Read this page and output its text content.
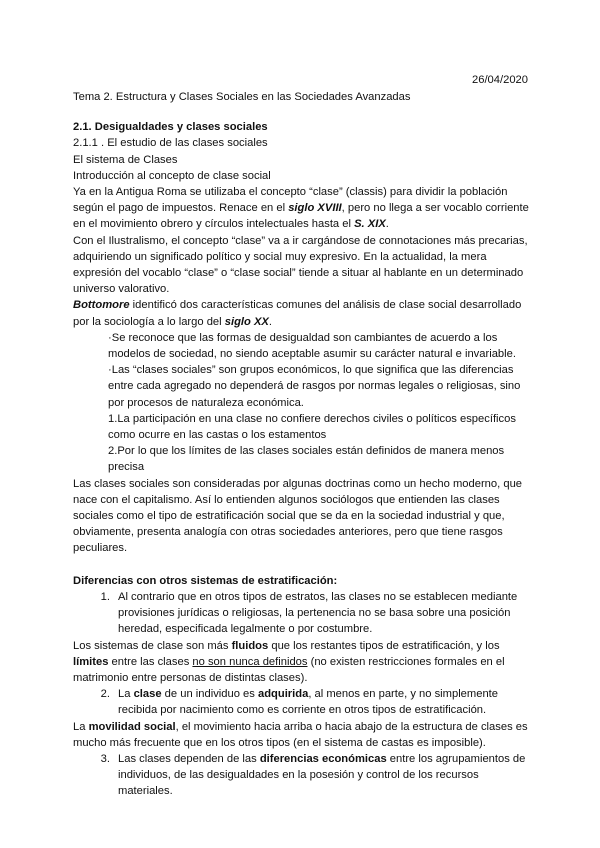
26/04/2020

Tema 2. Estructura y Clases Sociales en las Sociedades Avanzadas

2.1. Desigualdades y clases sociales

2.1.1 . El estudio de las clases sociales

El sistema de Clases

Introducción al concepto de clase social

Ya en la Antigua Roma se utilizaba el concepto “clase” (classis) para dividir la población según el pago de impuestos. Renace en el siglo XVIII, pero no llega a ser vocablo corriente en el movimiento obrero y círculos intelectuales hasta el S. XIX.

Con el Ilustralismo, el concepto “clase” va a ir cargándose de connotaciones más precarias, adquiriendo un significado político y social muy expresivo. En la actualidad, la mera expresión del vocablo “clase” o “clase social” tiende a situar al hablante en un determinado universo valorativo.

Bottomore identificó dos características comunes del análisis de clase social desarrollado por la sociología a lo largo del siglo XX.

·Se reconoce que las formas de desigualdad son cambiantes de acuerdo a los modelos de sociedad, no siendo aceptable asumir su carácter natural e invariable.

·Las “clases sociales” son grupos económicos, lo que significa que las diferencias entre cada agregado no dependerá de rasgos por normas legales o religiosas, sino por procesos de naturaleza económica.

1.La participación en una clase no confiere derechos civiles o políticos específicos como ocurre en las castas o los estamentos

2.Por lo que los límites de las clases sociales están definidos de manera menos precisa

Las clases sociales son consideradas por algunas doctrinas como un hecho moderno, que nace con el capitalismo. Así lo entienden algunos sociólogos que entienden las clases sociales como el tipo de estratificación social que se da en la sociedad industrial y que, obviamente, presenta analogía con otras sociedades anteriores, pero que tiene rasgos peculiares.

Diferencias con otros sistemas de estratificación:

1. Al contrario que en otros tipos de estratos, las clases no se establecen mediante provisiones jurídicas o religiosas, la pertenencia no se basa sobre una posición heredad, especificada legalmente o por costumbre.

Los sistemas de clase son más fluidos que los restantes tipos de estratificación, y los límites entre las clases no son nunca definidos (no existen restricciones formales en el matrimonio entre personas de distintas clases).

2. La clase de un individuo es adquirida, al menos en parte, y no simplemente recibida por nacimiento como es corriente en otros tipos de estratificación.

La movilidad social, el movimiento hacia arriba o hacia abajo de la estructura de clases es mucho más frecuente que en los otros tipos (en el sistema de castas es imposible).

3. Las clases dependen de las diferencias económicas entre los agrupamientos de individuos, de las desigualdades en la posesión y control de los recursos materiales.
